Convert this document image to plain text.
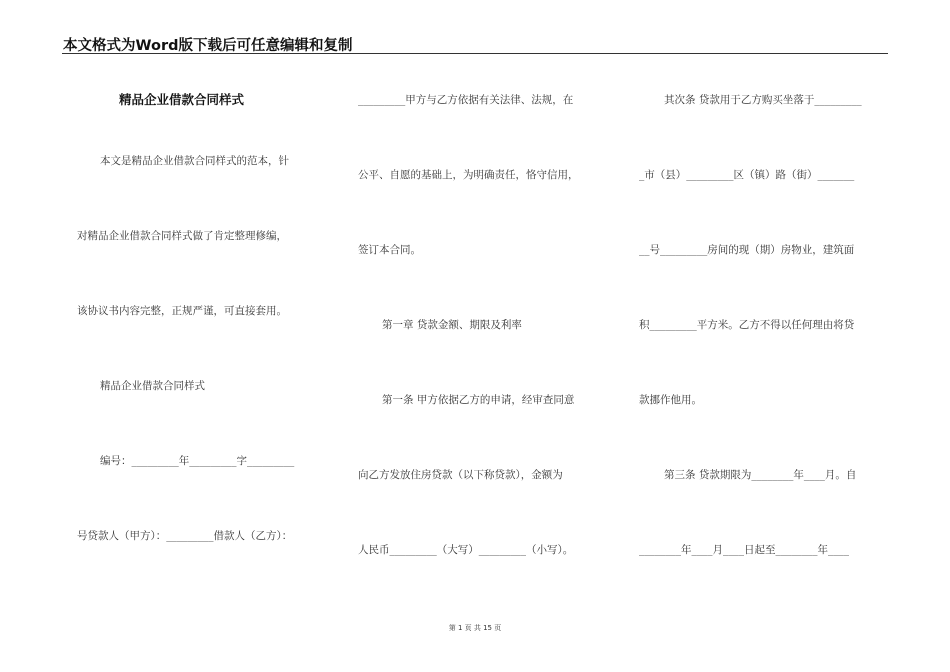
本文格式为Word版下载后可任意编辑和复制
精品企业借款合同样式
本文是精品企业借款合同样式的范本，针
对精品企业借款合同样式做了肯定整理修编，
该协议书内容完整，正规严谨，可直接套用。
精品企业借款合同样式
编号：_________年_________字_________
号贷款人（甲方）：_________借款人（乙方）：
_________甲方与乙方依据有关法律、法规，在
公平、自愿的基础上，为明确责任，恪守信用，
签订本合同。
第一章 贷款金额、期限及利率
第一条 甲方依据乙方的申请，经审查同意
向乙方发放住房贷款（以下称贷款），金额为
人民币_________（大写）_________（小写）。
其次条 贷款用于乙方购买坐落于_________
_市（县）_________区（镇）路（街）_______
__号_________房间的现（期）房物业，建筑面
积_________平方米。乙方不得以任何理由将贷
款挪作他用。
第三条 贷款期限为________年____月。自
________年____月____日起至________年____
第 1 页 共 15 页
